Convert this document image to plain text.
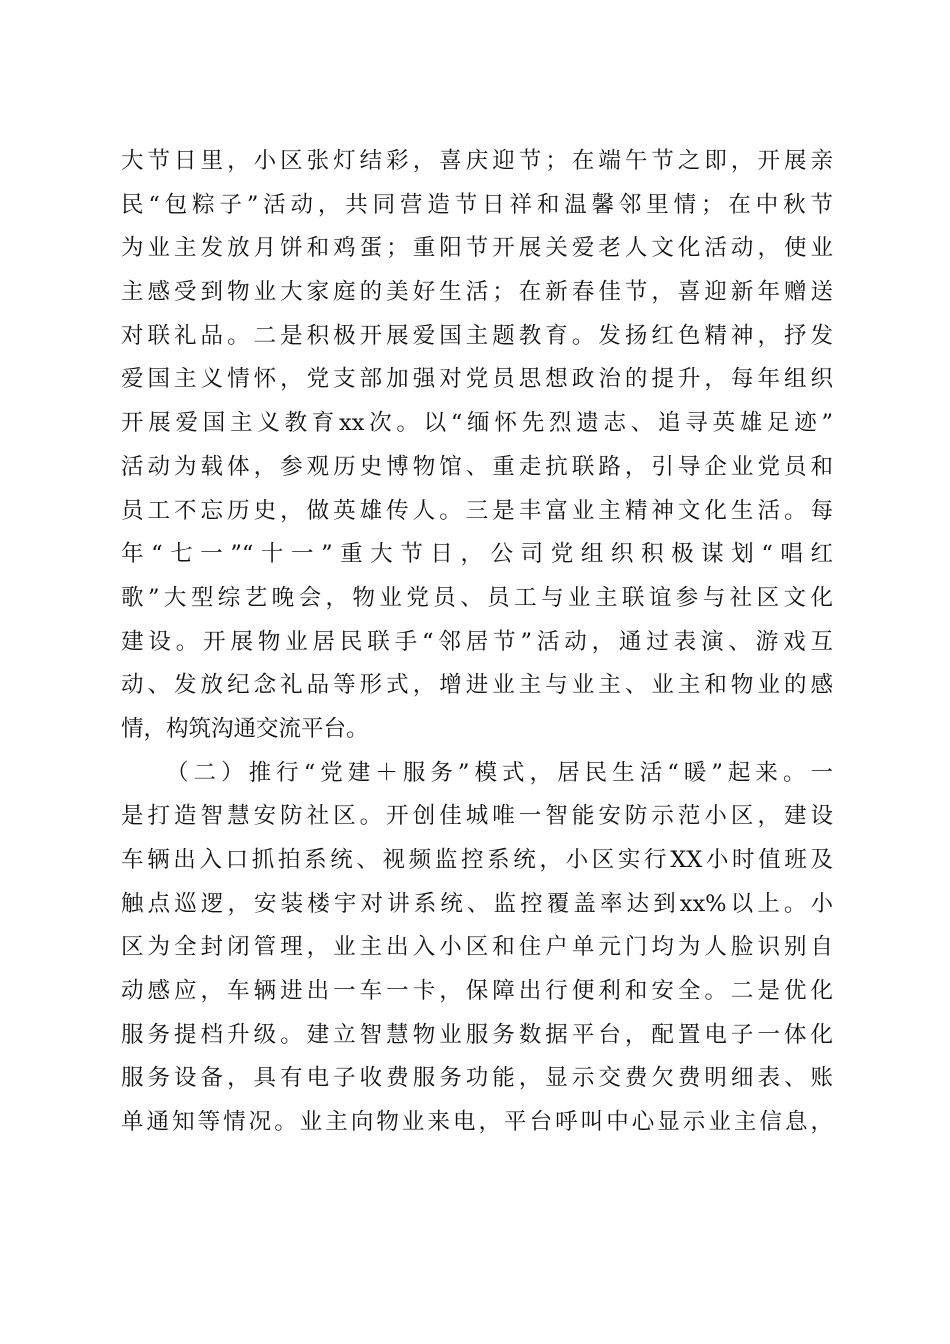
大节日里，小区张灯结彩，喜庆迎节；在端午节之即，开展亲
民“包粽子”活动，共同营造节日祥和温馨邻里情；在中秋节
为业主发放月饼和鸡蛋；重阳节开展关爱老人文化活动，使业
主感受到物业大家庭的美好生活；在新春佳节，喜迎新年赠送
对联礼品。二是积极开展爱国主题教育。发扬红色精神，抒发
爱国主义情怀，党支部加强对党员思想政治的提升，每年组织
开展爱国主义教育xx次。以“缅怀先烈遗志、追寻英雄足迹”
活动为载体，参观历史博物馆、重走抗联路，引导企业党员和
员工不忘历史，做英雄传人。三是丰富业主精神文化生活。每
年“七一”“十一”重大节日，公司党组织积极谋划“唱红
歌”大型综艺晚会，物业党员、员工与业主联谊参与社区文化
建设。开展物业居民联手“邻居节”活动，通过表演、游戏互
动、发放纪念礼品等形式，增进业主与业主、业主和物业的感
情，构筑沟通交流平台。
（二）推行“党建＋服务”模式，居民生活“暖”起来。一
是打造智慧安防社区。开创佳城唯一智能安防示范小区，建设
车辆出入口抓拍系统、视频监控系统，小区实行XX小时值班及
触点巡逻，安装楼宇对讲系统、监控覆盖率达到xx%以上。小
区为全封闭管理，业主出入小区和住户单元门均为人脸识别自
动感应，车辆进出一车一卡，保障出行便利和安全。二是优化
服务提档升级。建立智慧物业服务数据平台，配置电子一体化
服务设备，具有电子收费服务功能，显示交费欠费明细表、账
单通知等情况。业主向物业来电，平台呼叫中心显示业主信息，
